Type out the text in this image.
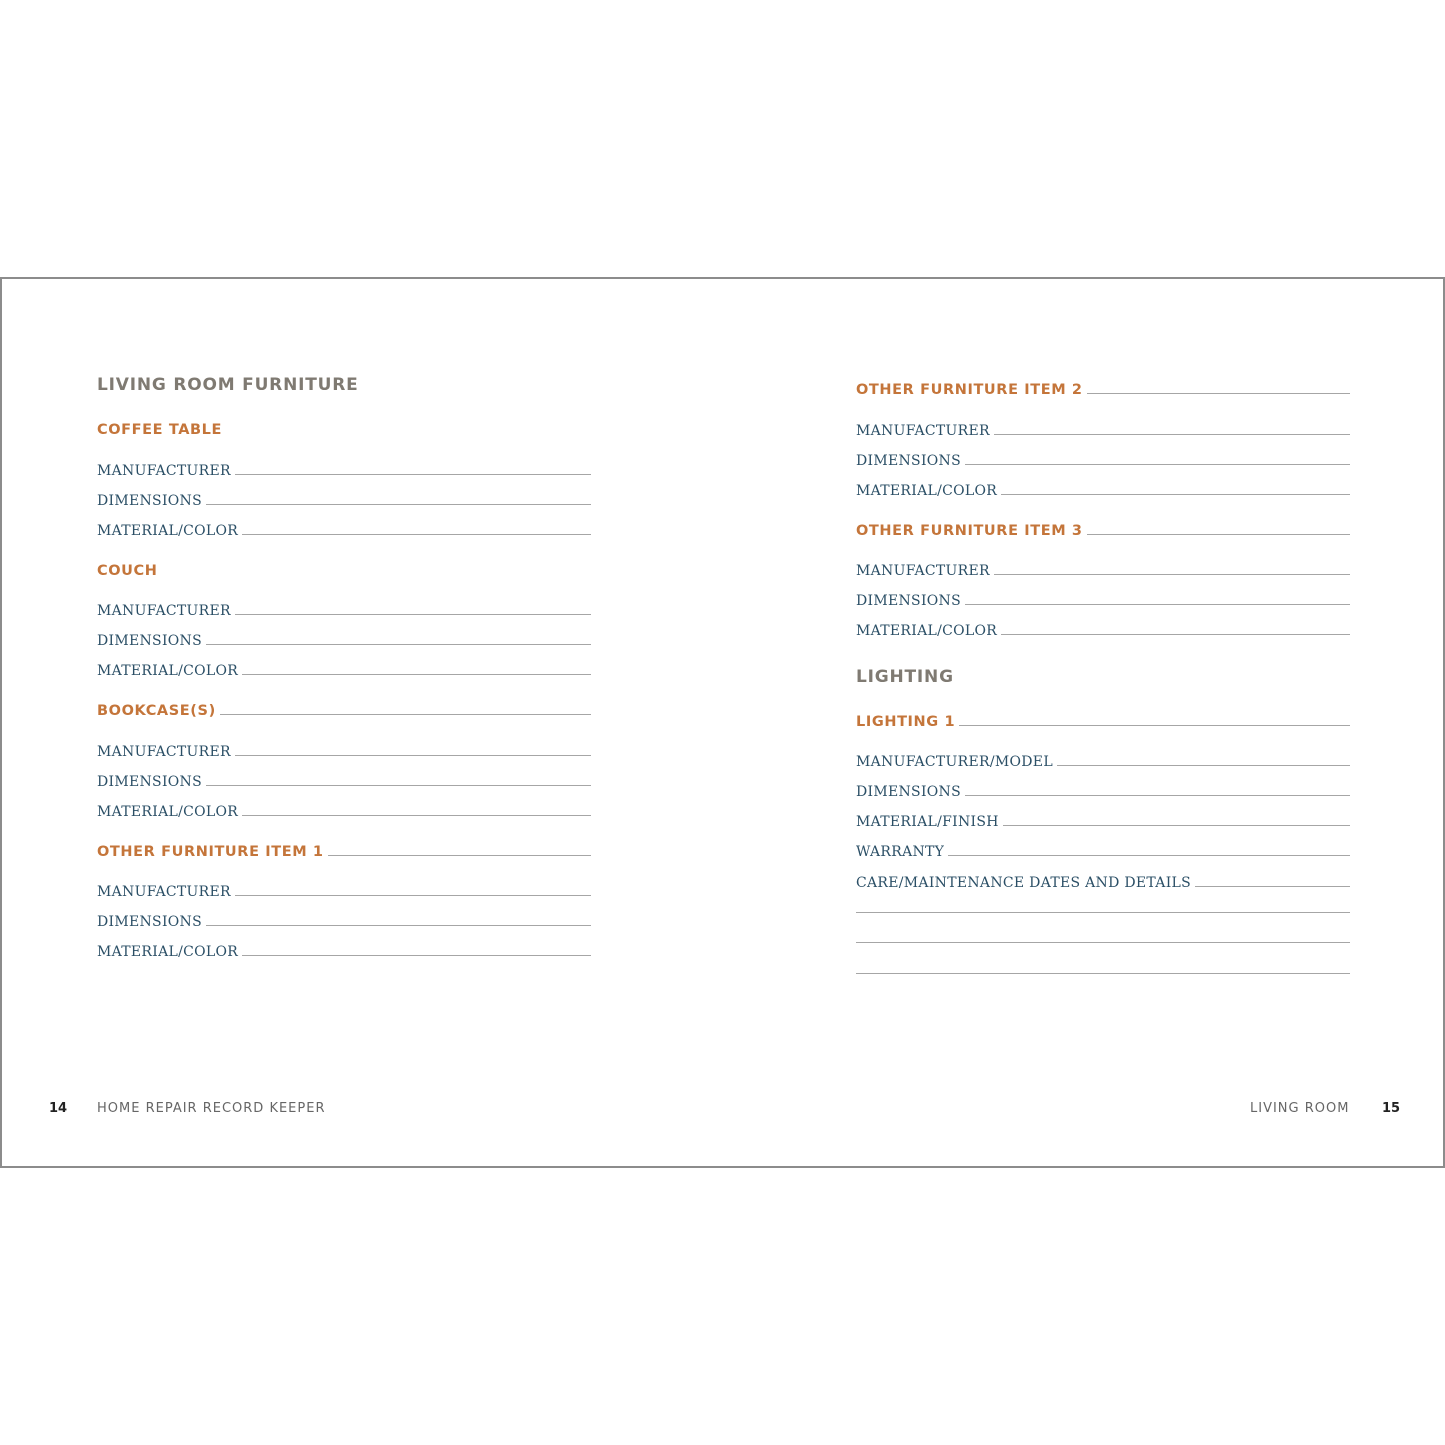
LIVING ROOM FURNITURE
COFFEE TABLE
MANUFACTURER
DIMENSIONS
MATERIAL/COLOR
COUCH
MANUFACTURER
DIMENSIONS
MATERIAL/COLOR
BOOKCASE(S)
MANUFACTURER
DIMENSIONS
MATERIAL/COLOR
OTHER FURNITURE ITEM 1
MANUFACTURER
DIMENSIONS
MATERIAL/COLOR
14 HOME REPAIR RECORD KEEPER
OTHER FURNITURE ITEM 2
MANUFACTURER
DIMENSIONS
MATERIAL/COLOR
OTHER FURNITURE ITEM 3
MANUFACTURER
DIMENSIONS
MATERIAL/COLOR
LIGHTING
LIGHTING 1
MANUFACTURER/MODEL
DIMENSIONS
MATERIAL/FINISH
WARRANTY
CARE/MAINTENANCE DATES AND DETAILS
LIVING ROOM	15
